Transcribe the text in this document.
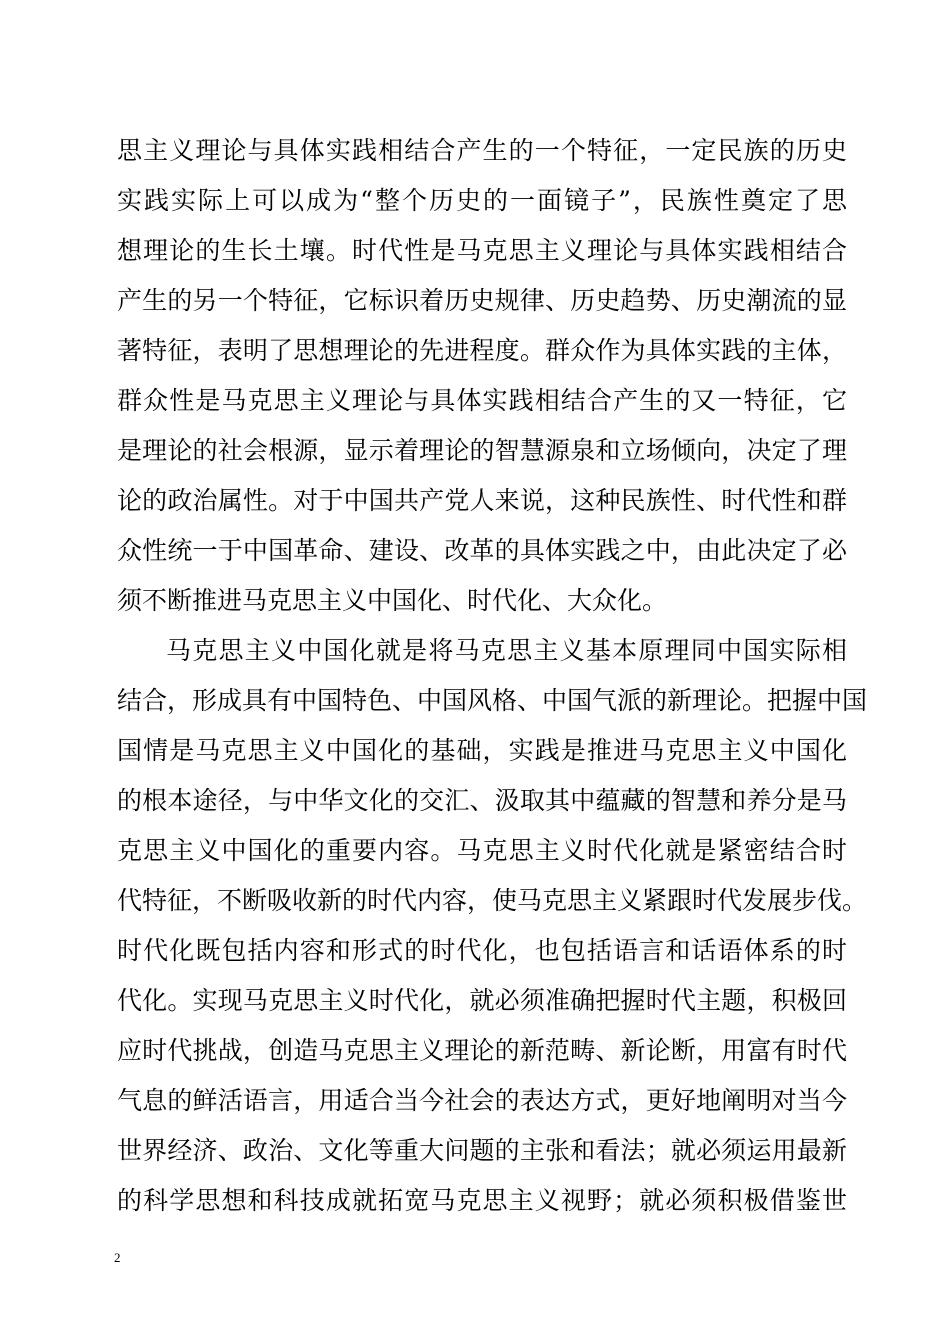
思主义理论与具体实践相结合产生的一个特征，一定民族的历史
实践实际上可以成为“整个历史的一面镜子”，民族性奠定了思
想理论的生长土壤。时代性是马克思主义理论与具体实践相结合
产生的另一个特征，它标识着历史规律、历史趋势、历史潮流的显
著特征，表明了思想理论的先进程度。群众作为具体实践的主体，
群众性是马克思主义理论与具体实践相结合产生的又一特征，它
是理论的社会根源，显示着理论的智慧源泉和立场倾向，决定了理
论的政治属性。对于中国共产党人来说，这种民族性、时代性和群
众性统一于中国革命、建设、改革的具体实践之中，由此决定了必
须不断推进马克思主义中国化、时代化、大众化。
马克思主义中国化就是将马克思主义基本原理同中国实际相
结合，形成具有中国特色、中国风格、中国气派的新理论。把握中国
国情是马克思主义中国化的基础，实践是推进马克思主义中国化
的根本途径，与中华文化的交汇、汲取其中蕴藏的智慧和养分是马
克思主义中国化的重要内容。马克思主义时代化就是紧密结合时
代特征，不断吸收新的时代内容，使马克思主义紧跟时代发展步伐。
时代化既包括内容和形式的时代化，也包括语言和话语体系的时
代化。实现马克思主义时代化，就必须准确把握时代主题，积极回
应时代挑战，创造马克思主义理论的新范畴、新论断，用富有时代
气息的鲜活语言，用适合当今社会的表达方式，更好地阐明对当今
世界经济、政治、文化等重大问题的主张和看法；就必须运用最新
的科学思想和科技成就拓宽马克思主义视野；就必须积极借鉴世
2
